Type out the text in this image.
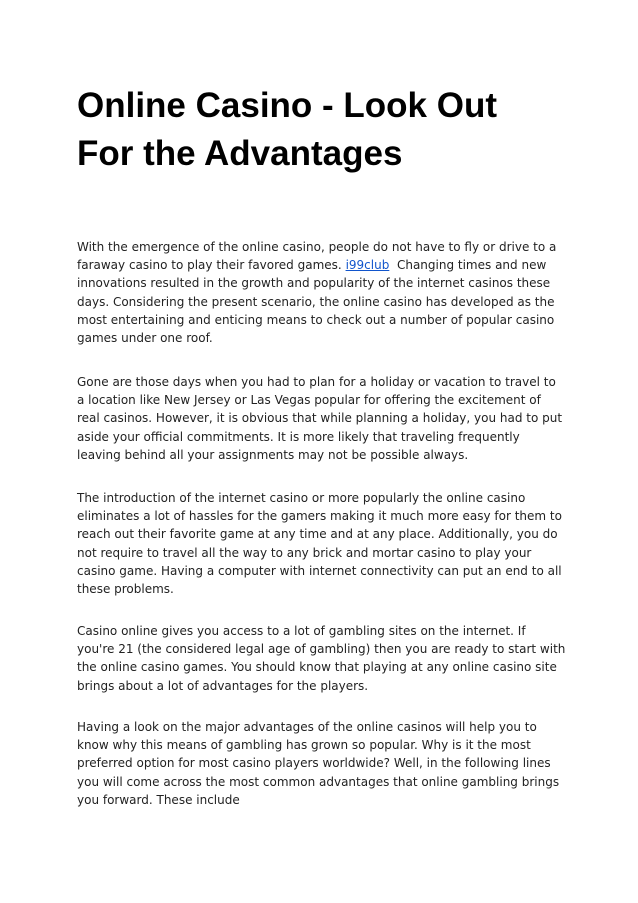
Online Casino - Look Out
For the Advantages

With the emergence of the online casino, people do not have to fly or drive to a
faraway casino to play their favored games. i99club  Changing times and new
innovations resulted in the growth and popularity of the internet casinos these
days. Considering the present scenario, the online casino has developed as the
most entertaining and enticing means to check out a number of popular casino
games under one roof.

Gone are those days when you had to plan for a holiday or vacation to travel to
a location like New Jersey or Las Vegas popular for offering the excitement of
real casinos. However, it is obvious that while planning a holiday, you had to put
aside your official commitments. It is more likely that traveling frequently
leaving behind all your assignments may not be possible always.

The introduction of the internet casino or more popularly the online casino
eliminates a lot of hassles for the gamers making it much more easy for them to
reach out their favorite game at any time and at any place. Additionally, you do
not require to travel all the way to any brick and mortar casino to play your
casino game. Having a computer with internet connectivity can put an end to all
these problems.

Casino online gives you access to a lot of gambling sites on the internet. If
you're 21 (the considered legal age of gambling) then you are ready to start with
the online casino games. You should know that playing at any online casino site
brings about a lot of advantages for the players.

Having a look on the major advantages of the online casinos will help you to
know why this means of gambling has grown so popular. Why is it the most
preferred option for most casino players worldwide? Well, in the following lines
you will come across the most common advantages that online gambling brings
you forward. These include
